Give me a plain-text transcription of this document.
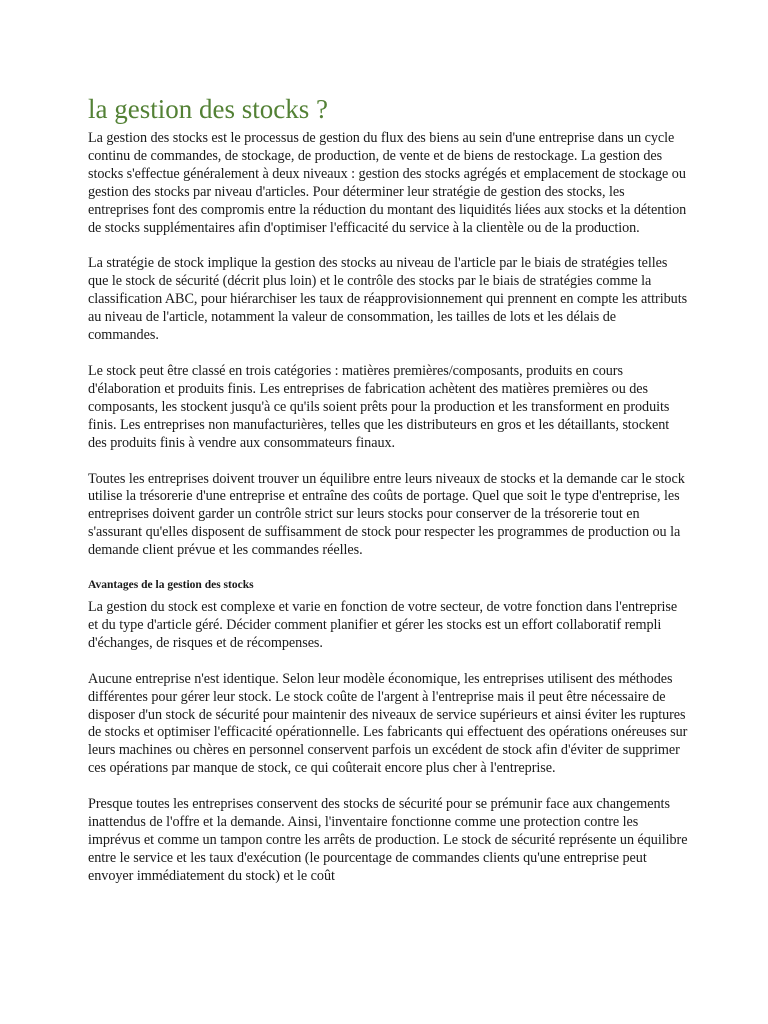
la gestion des stocks ?

La gestion des stocks est le processus de gestion du flux des biens au sein d'une entreprise dans un cycle continu de commandes, de stockage, de production, de vente et de biens de restockage. La gestion des stocks s'effectue généralement à deux niveaux : gestion des stocks agrégés et emplacement de stockage ou gestion des stocks par niveau d'articles. Pour déterminer leur stratégie de gestion des stocks, les entreprises font des compromis entre la réduction du montant des liquidités liées aux stocks et la détention de stocks supplémentaires afin d'optimiser l'efficacité du service à la clientèle ou de la production.

La stratégie de stock implique la gestion des stocks au niveau de l'article par le biais de stratégies telles que le stock de sécurité (décrit plus loin) et le contrôle des stocks par le biais de stratégies comme la classification ABC, pour hiérarchiser les taux de réapprovisionnement qui prennent en compte les attributs au niveau de l'article, notamment la valeur de consommation, les tailles de lots et les délais de commandes.

Le stock peut être classé en trois catégories : matières premières/composants, produits en cours d'élaboration et produits finis. Les entreprises de fabrication achètent des matières premières ou des composants, les stockent jusqu'à ce qu'ils soient prêts pour la production et les transforment en produits finis. Les entreprises non manufacturières, telles que les distributeurs en gros et les détaillants, stockent des produits finis à vendre aux consommateurs finaux.

Toutes les entreprises doivent trouver un équilibre entre leurs niveaux de stocks et la demande car le stock utilise la trésorerie d'une entreprise et entraîne des coûts de portage. Quel que soit le type d'entreprise, les entreprises doivent garder un contrôle strict sur leurs stocks pour conserver de la trésorerie tout en s'assurant qu'elles disposent de suffisamment de stock pour respecter les programmes de production ou la demande client prévue et les commandes réelles.

Avantages de la gestion des stocks

La gestion du stock est complexe et varie en fonction de votre secteur, de votre fonction dans l'entreprise et du type d'article géré. Décider comment planifier et gérer les stocks est un effort collaboratif rempli d'échanges, de risques et de récompenses.

Aucune entreprise n'est identique. Selon leur modèle économique, les entreprises utilisent des méthodes différentes pour gérer leur stock. Le stock coûte de l'argent à l'entreprise mais il peut être nécessaire de disposer d'un stock de sécurité pour maintenir des niveaux de service supérieurs et ainsi éviter les ruptures de stocks et optimiser l'efficacité opérationnelle. Les fabricants qui effectuent des opérations onéreuses sur leurs machines ou chères en personnel conservent parfois un excédent de stock afin d'éviter de supprimer ces opérations par manque de stock, ce qui coûterait encore plus cher à l'entreprise.

Presque toutes les entreprises conservent des stocks de sécurité pour se prémunir face aux changements inattendus de l'offre et la demande. Ainsi, l'inventaire fonctionne comme une protection contre les imprévus et comme un tampon contre les arrêts de production. Le stock de sécurité représente un équilibre entre le service et les taux d'exécution (le pourcentage de commandes clients qu'une entreprise peut envoyer immédiatement du stock) et le coût
